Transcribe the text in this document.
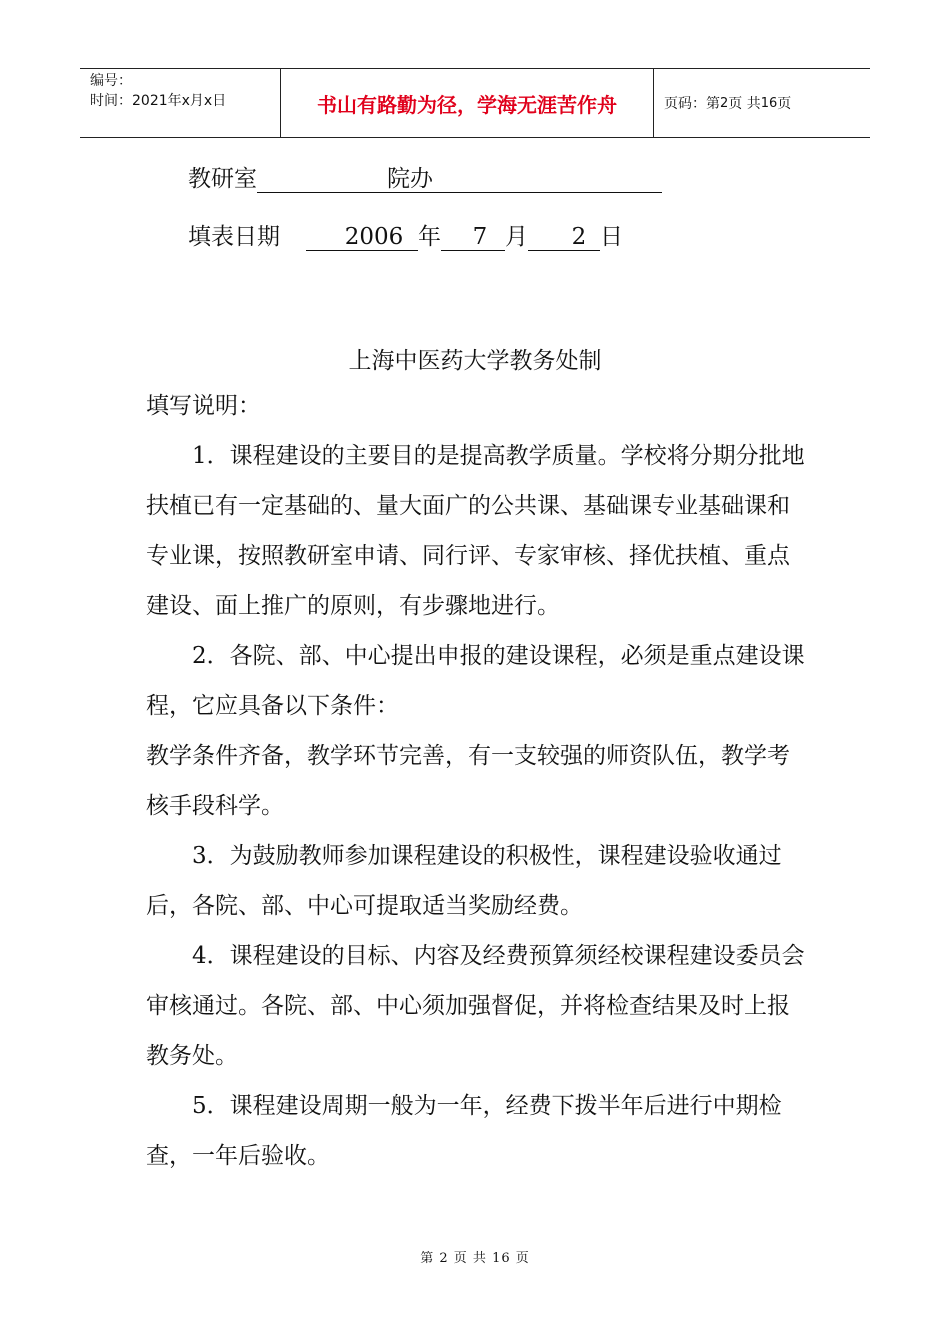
编号：
时间：2021年x月x日	书山有路勤为径，学海无涯苦作舟	页码：第 2 页 共 16 页
教研室	院办
填表日期	2006 年 7 月 2 日
上海中医药大学教务处制

填写说明：

1．课程建设的主要目的是提高教学质量。学校将分期分批地扶植已有一定基础的、量大面广的公共课、基础课专业基础课和专业课，按照教研室申请、同行评、专家审核、择优扶植、重点建设、面上推广的原则，有步骤地进行。

2．各院、部、中心提出申报的建设课程，必须是重点建设课程，它应具备以下条件：

教学条件齐备，教学环节完善，有一支较强的师资队伍，教学考核手段科学。

3．为鼓励教师参加课程建设的积极性，课程建设验收通过后，各院、部、中心可提取适当奖励经费。

4．课程建设的目标、内容及经费预算须经校课程建设委员会审核通过。各院、部、中心须加强督促，并将检查结果及时上报教务处。

5．课程建设周期一般为一年，经费下拨半年后进行中期检查，一年后验收。

第 2 页 共 16 页
